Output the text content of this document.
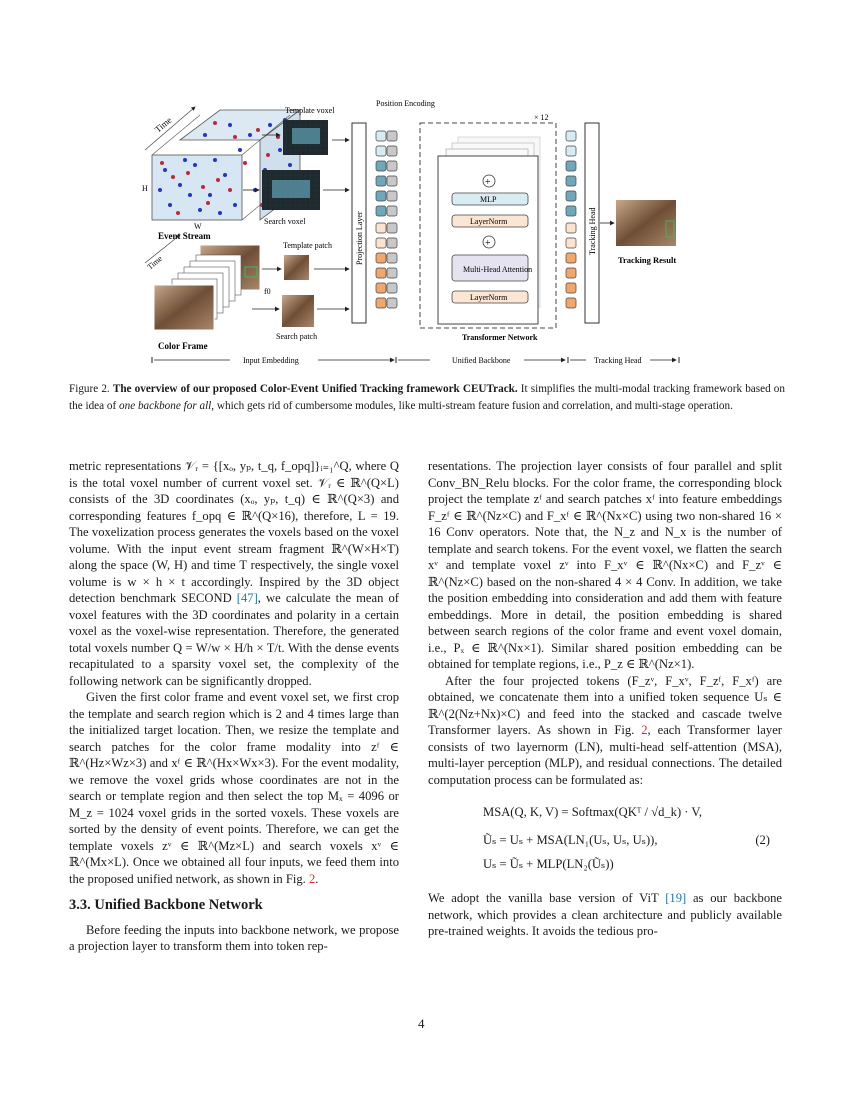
Time
H
W
Event Stream
Template voxel
Search voxel
Time
f0
Color Frame
Template patch
Search patch
Projection Layer
Position Encoding
× 12
+
MLP
LayerNorm
+
Multi-Head Attention
LayerNorm
Transformer Network
Tracking Head
Tracking Result
Input Embedding	Unified Backbone	Tracking Head
Figure 2. The overview of our proposed Color-Event Unified Tracking framework CEUTrack. It simplifies the multi-modal tracking framework based on the idea of one backbone for all, which gets rid of cumbersome modules, like multi-stream feature fusion and correlation, and multi-stage operation.

metric representations 𝒱ᵣ = {[xₒ, yₚ, t_q, f_opq]}ᵢ₌₁^Q, where Q is the total voxel number of current voxel set. 𝒱ᵣ ∈ ℝ^(Q×L) consists of the 3D coordinates (xₒ, yₚ, t_q) ∈ ℝ^(Q×3) and corresponding features f_opq ∈ ℝ^(Q×16), therefore, L = 19. The voxelization process generates the voxels based on the voxel volume. With the input event stream fragment ℝ^(W×H×T) along the space (W, H) and time T respectively, the single voxel volume is w × h × t accordingly. Inspired by the 3D object detection benchmark SECOND [47], we calculate the mean of voxel features with the 3D coordinates and polarity in a certain voxel as the voxel-wise representation. Therefore, the generated total voxels number Q = W/w × H/h × T/t. With the dense events recapitulated to a sparsity voxel set, the complexity of the following network can be significantly dropped.

Given the first color frame and event voxel set, we first crop the template and search region which is 2 and 4 times large than the initialized target location. Then, we resize the template and search patches for the color frame modality into zᶠ ∈ ℝ^(Hz×Wz×3) and xᶠ ∈ ℝ^(Hx×Wx×3). For the event modality, we remove the voxel grids whose coordinates are not in the search or template region and then select the top Mₓ = 4096 or M_z = 1024 voxel grids in the sorted voxels. These voxels are sorted by the density of event points. Therefore, we can get the template voxels zᵛ ∈ ℝ^(Mz×L) and search voxels xᵛ ∈ ℝ^(Mx×L). Once we obtained all four inputs, we feed them into the proposed unified network, as shown in Fig. 2.

3.3. Unified Backbone Network

Before feeding the inputs into backbone network, we propose a projection layer to transform them into token rep-

resentations. The projection layer consists of four parallel and split Conv_BN_Relu blocks. For the color frame, the corresponding block project the template zᶠ and search patches xᶠ into feature embeddings F_zᶠ ∈ ℝ^(Nz×C) and F_xᶠ ∈ ℝ^(Nx×C) using two non-shared 16 × 16 Conv operators. Note that, the N_z and N_x is the number of template and search tokens. For the event voxel, we flatten the search xᵛ and template voxel zᵛ into F_xᵛ ∈ ℝ^(Nx×C) and F_zᵛ ∈ ℝ^(Nz×C) based on the non-shared 4 × 4 Conv. In addition, we take the position embedding into consideration and add them with feature embeddings. More in detail, the position embedding is shared between search regions of the color frame and event voxel domain, i.e., Pₓ ∈ ℝ^(Nx×1). Similar shared position embedding can be obtained for template regions, i.e., P_z ∈ ℝ^(Nz×1).

After the four projected tokens (F_zᵛ, F_xᵛ, F_zᶠ, F_xᶠ) are obtained, we concatenate them into a unified token sequence Uₛ ∈ ℝ^(2(Nz+Nx)×C) and feed into the stacked and cascade twelve Transformer layers. As shown in Fig. 2, each Transformer layer consists of two layernorm (LN), multi-head self-attention (MSA), multi-layer perception (MLP), and residual connections. The detailed computation process can be formulated as:

MSA(Q, K, V) = Softmax(QKᵀ / √d_k) · V,
Ũₛ = Uₛ + MSA(LN₁(Uₛ, Uₛ, Uₛ)),
Uₛ = Ũₛ + MLP(LN₂(Ũₛ))
(2)

We adopt the vanilla base version of ViT [19] as our backbone network, which provides a clean architecture and publicly available pre-trained weights. It avoids the tedious pro-

4
